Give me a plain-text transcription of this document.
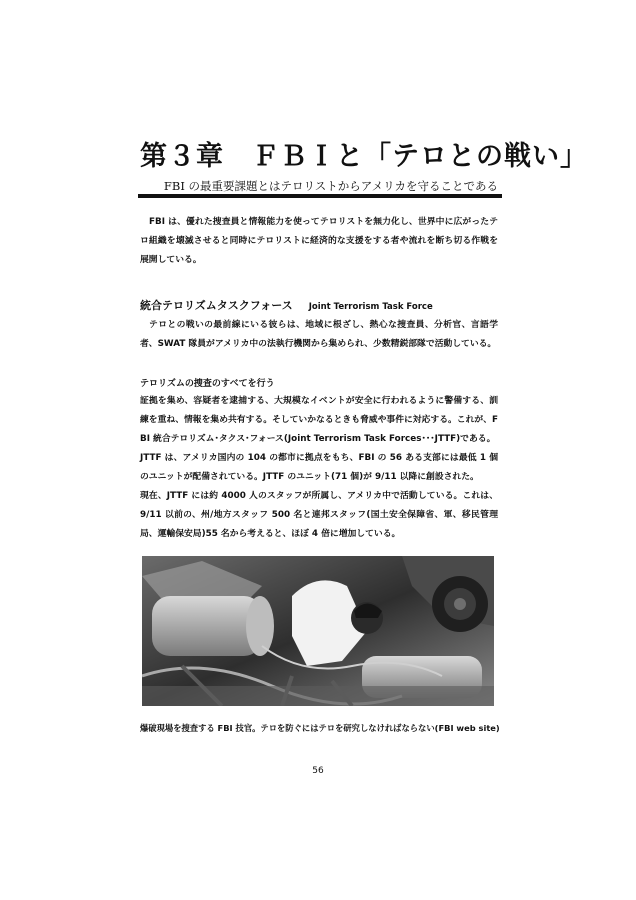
第３章　ＦＢＩと「テロとの戦い」
FBI の最重要課題とはテロリストからアメリカを守ることである

FBI は、優れた捜査員と情報能力を使ってテロリストを無力化し、世界中に広がったテロ組織を壊滅させると同時にテロリストに経済的な支援をする者や流れを断ち切る作戦を展開している。

統合テロリズムタスクフォース Joint Terrorism Task Force

テロとの戦いの最前線にいる彼らは、地域に根ざし、熱心な捜査員、分析官、言語学者、SWAT 隊員がアメリカ中の法執行機関から集められ、少数精鋭部隊で活動している。

テロリズムの捜査のすべてを行う

証拠を集め、容疑者を逮捕する、大規模なイベントが安全に行われるように警備する、訓練を重ね、情報を集め共有する。そしていかなるときも脅威や事件に対応する。これが、FBI 統合テロリズム･タクス･フォース(Joint Terrorism Task Forces･･･JTTF)である。

JTTF は、アメリカ国内の 104 の都市に拠点をもち、FBI の 56 ある支部には最低 1 個のユニットが配備されている。JTTF のユニット(71 個)が 9/11 以降に創設された。

現在、JTTF には約 4000 人のスタッフが所属し、アメリカ中で活動している。これは、9/11 以前の、州/地方スタッフ 500 名と連邦スタッフ(国土安全保障省、軍、移民管理局、運輸保安局)55 名から考えると、ほぼ 4 倍に増加している。

爆破現場を捜査する FBI 技官。テロを防ぐにはテロを研究しなければならない(FBI web site)
56
